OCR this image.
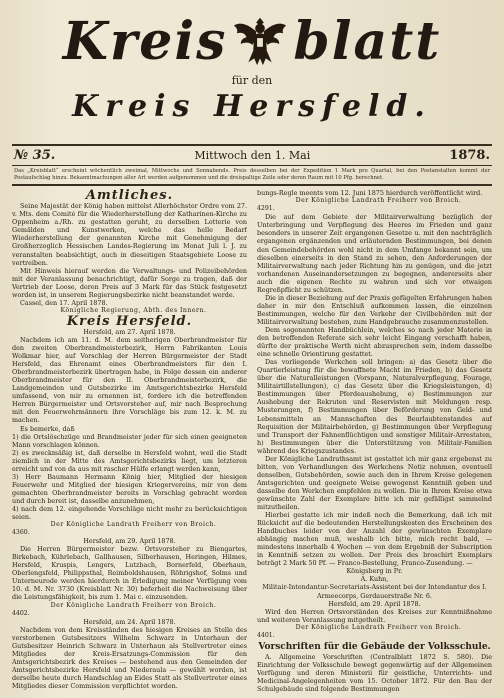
Kreis blatt
für den
Kreis Hersfeld.
№ 35.	Mittwoch den 1. Mai	1878.
Das „Kreisblatt“ erscheint wöchentlich zweimal, Mittwochs und Sonnabends. Preis desselben bei der Expedition 1 Mark pro Quartal, bei den Postanstalten kommt der Postaufschlag hinzu. Bekanntmachungen aller Art werden aufgenommen und die dreispaltige Zeile oder deren Raum mit 10 Pfg. berechnet.
Amtliches.

Seine Majestät der König haben mittelst Allerhöchster Ordre vom 27. v. Mts. dem Comité für die Wiederherstellung der Katharinen-Kirche zu Oppenheim a./Rh. zu gestatten geruht, zu derselben Lotterie von Gemälden und Kunstwerken, welche das helle Bedarf Wiederherstellung der genannten Kirche mit Genehmigung der Großherzoglich Hessischen Landes-Regierung im Monat Juli l. J. zu veranstalten beabsichtigt, auch in dieseitigen Staatsgebiete Loose zu vertreiben.

Mit Hinweis hierauf werden die Verwaltungs- und Polizeibehörden mit der Veranlassung benachrichtigt, dafür Sorge zu tragen, daß der Vertrieb der Loose, deren Preis auf 3 Mark für das Stück festgesetzt worden ist, in unserem Regierungsbezirke nicht beanstandet werde.

Cassel, den 17. April 1878.

Königliche Regierung, Abth. des Innern.

Kreis Hersfeld.

Hersfeld, am 27. April 1878.

Nachdem ich am 11. d. M. dem seitherigen Oberbrandmeister für den zweiten Oberbrandmeisterbezirk, Herrn Fabrikanten Louis Wolkmar hier, auf Vorschlag der Herren Bürgermeister der Stadt Hersfeld, das Ehrenamt eines Oberbrandmeisters für den I. Oberbrandmeisterbezirk übertragen habe, in Folge dessen ein anderer Oberbrandmeister für den II. Oberbrandmeisterbezirk, die Landgemeinden und Gutsbezirke im Amtsgerichtsbezirke Hersfeld umfassend, von mir zu ernennen ist, fordere ich die betreffenden Herren Bürgermeister und Ortsvorsteher auf, mir nach Besprechung mit den Feuerwehrmännern ihre Vorschläge bis zum 12. k. M. zu machen.

Es bemerke, daß

1) die Ortslöschzüge und Brandmeister jeder für sich einen geeigneten Mann vorschlagen können.

2) es zweckmäßig ist, daß derselbe in Hersfeld wohnt, weil die Stadt ziemlich in der Mitte des Amtsgerichtsbezirks liegt, um letzteren erreicht und von da aus mit rascher Hülfe erlangt werden kann,

3) Herr Baumann Hermann König hier, Mitglied der hiesigen Feuerwehr und Mitglied der hiesigen Kriegervereins, mir von dem gemachten Oberbrandmeister bereits in Vorschlag gebracht worden und durch bereit ist, dasselbe anzunehmen,

4) nach dem 12. eingehende Vorschläge nicht mehr zu berücksichtigen seien.

Der Königliche Landrath Freiherr von Broich.

4360.

Hersfeld, am 29. April 1878.

Die Herren Bürgermeister bezw. Ortsvorsteher zu Biengartes, Birkebach, Kührlebach, Gallhausen, Silberhausen, Heringen, Hilmes, Hersfeld, Kruspis, Lengers, Lutzbach, Bornerfeld, Oberhaun, Oberlengsfeld, Philippsthal, Reimboldshausen, Röhrigshof, Solms und Unterneurode werden hierdurch in Erledigung meiner Verfügung vom 10. d. M. Nr. 3730 (Kreisblatt Nr. 30) beferheit die Nachweisung über die Leistungsfähigkeit, bis zum 1. Mai c. einzusenden.

Der Königliche Landrath Freiherr von Broich.

4402.

Hersfeld, am 24. April 1878.

Nachdem von dem Kreisständen des hiesigen Kreises an Stelle des verstorbenen Gutsbesitzers Wilhelm Schwarz in Unterhaun der Gutsbesitzer Heinrich Schwarz in Unterhaun als Stellvertreter eines Mitgliedes der Kreis-Ersatzungs-Commission für den Amtsgerichtsbezirk des Kreises — bestehend aus den Gemeinden der Amtsgerichtsbezirke Hersfeld und Niederaula — gewählt worden, ist derselbe heute durch Handschlag an Eides Statt als Stellvertreter eines Mitgliedes dieser Commission verpflichtet worden.

bungs-Regle meents vom 12. Juni 1875 hierdurch veröffentlicht wird.

Der Königliche Landrath Freiherr von Broich.

4291.

Die auf dem Gebiete der Militairverwaltung bezüglich der Unterbringung und Verpflegung des Heeres im Frieden und ganz besonders in unserer Zeit ergangenen Gesetze u. mit den nachträglich ergangenen ergänzenden und erläuternden Bestimmungen, bei denen den Gemeindebehörden wohl nicht in dem Umfange bekannt sein, um dieselben einerseits in den Stand zu sehen, den Anforderungen der Militairverwaltung nach jeder Richtung hin zu genügen, und die jetzt vorhandenen Auseinandersetzungen zu begegnen, andererseits aber auch die eigenen Rechte zu wahren und sich vor etwaigen Regreßpflicht zu schützen.

Die in dieser Beziehung auf der Praxis gefügelten Erfahrungen haben daher in mir den Entschluß aufkommen lassen, die einzelnen Bestimmungen, welche für den Verkehr der Civilbehörden mit der Militairverwaltung bestehen, zum Handgebrauche zusammenzustellen.

Dem sogenannten Handbüchlein, welches so nach jeder Materie in den betreffenden Referate sich sehr leicht Eingang verschafft haben, dürfte der praktische Werth nicht abzusprechen sein, indem dasselbe eine schnelle Orientirung gestattet.

Das vorliegende Werkchen soll bringen: a) das Gesetz über die Quartierleistung für die bewaffnete Macht im Frieden, b) das Gesetz über die Naturalleistungen (Vorspann, Naturalverpflegung, Fourage, Militairtillstellungen), c) das Gesetz über die Kriegsleistungen, d) Bestimmungen über Pferdeaushebung, e) Bestimmungen zur Aushebung der Rekruten und Reservisten mit Meldungen resp. Musterungen, f) Bestimmungen über Beförderung von Geld- und Lebensmitteln an Mannschaften des Beurlaubtenstandes auf Requisition der Militairbehörden, g) Bestimmungen über Verpflegung und Transport der Fahnenflüchtigen und sonstiger Militair-Arrestaten, h) Bestimmungen über die Unterstützung von Militair-Familien während des Kriegszustandes.

Der Königliche Landrathsamt ist gestattet ich mir ganz ergebenst zu bitten, von Verhandlungen des Werkchens Notiz nehmen, eventuell denselben, Gutsbehörden, sowie auch den in Ihrem Kreise gelegenen Amtsgerichten und geeignete Weise gewogenst Kenntniß geben und dasselbe den Werkchen empfehlen zu wollen. Die in Ihrem Kreise etwa gewünschte Zahl der Exemplare bitte ich mir gefälligst sammelnd mitzutheilen.

Hierbei gestatte ich mir indeß noch die Bemerkung, daß ich mit Rücksicht auf die bedeutenden Herstellungskosten des Erscheinen des Handbuches leider von der Anzahl der gewünschten Exemplare abhängig machen muß, weshalb ich bitte, mich recht bald, — mindestens innerhalb 4 Wochen — von dem Ergebniß der Subscription in Kenntniß setzen zu wollen. Der Preis des broschirt Exemplars beträgt 2 Mark 50 Pf. — Franco-Bestellung, Franco-Zusendung. —

Königsberg in Pr.

A. Kuhn,

Militair-Intendantur-Secretariats-Assistent bei der Intendantur des I. Armeecorps, Gerdauerstraße Nr. 6.

Hersfeld, am 29. April 1878.

Wird den Herren Ortsvorständen des Kreises zur Kenntnißnahme und weiteren Veranlassung mitgetheilt.

Der Königliche Landrath Freiherr von Broich.

4401.

Vorschriften für die Gebäude der Volksschule.

A. Allgemeine Vorschriften (Centralblatt 1872 S. 580). Die Einrichtung der Volksschule bewegt gegenwärtig auf der Allgemeinen Verfügung und deren Ministerii für geistliche, Unterrichts- und Medicinal-Angelegenheiten vom 15. October 1872. Für den Bau der Schulgebäude sind folgende Bestimmungen
